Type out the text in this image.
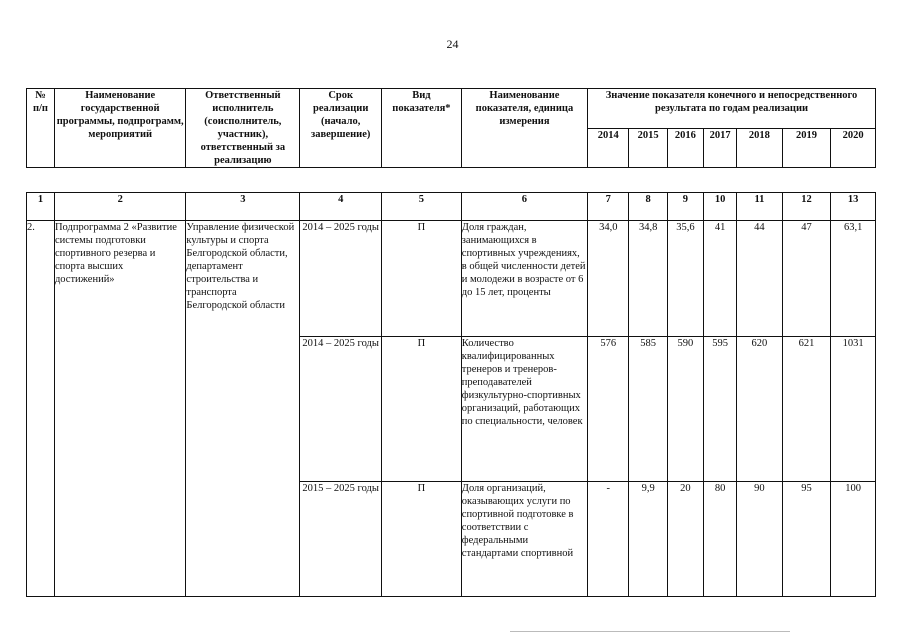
24
№
п/п	Наименование государственной программы, подпрограмм, мероприятий	Ответственный исполнитель (соисполнитель, участник), ответственный за реализацию	Срок реализации (начало, завершение)	Вид показателя*	Наименование показателя, единица измерения	Значение показателя конечного и непосредственного результата по годам реализации						
						2014	2015	2016	2017	2018	2019	2020

1	2	3	4	5	6	7	8	9	10	11	12	13
2.	Подпрограмма 2 «Развитие системы подготовки спортивного резерва и спорта высших достижений»	Управление физической культуры и спорта Белгородской области, департамент строительства и транспорта Белгородской области	2014 – 2025 годы	П	Доля граждан, занимающихся в спортивных учреждениях, в общей численности детей и молодежи в возрасте от 6 до 15 лет, проценты	34,0	34,8	35,6	41	44	47	63,1
			2014 – 2025 годы	П	Количество квалифицированных тренеров и тренеров-преподавателей физкультурно-спортивных организаций, работающих по специальности, человек	576	585	590	595	620	621	1031
			2015 – 2025 годы	П	Доля организаций, оказывающих услуги по спортивной подготовке в соответствии с федеральными стандартами спортивной	-	9,9	20	80	90	95	100
